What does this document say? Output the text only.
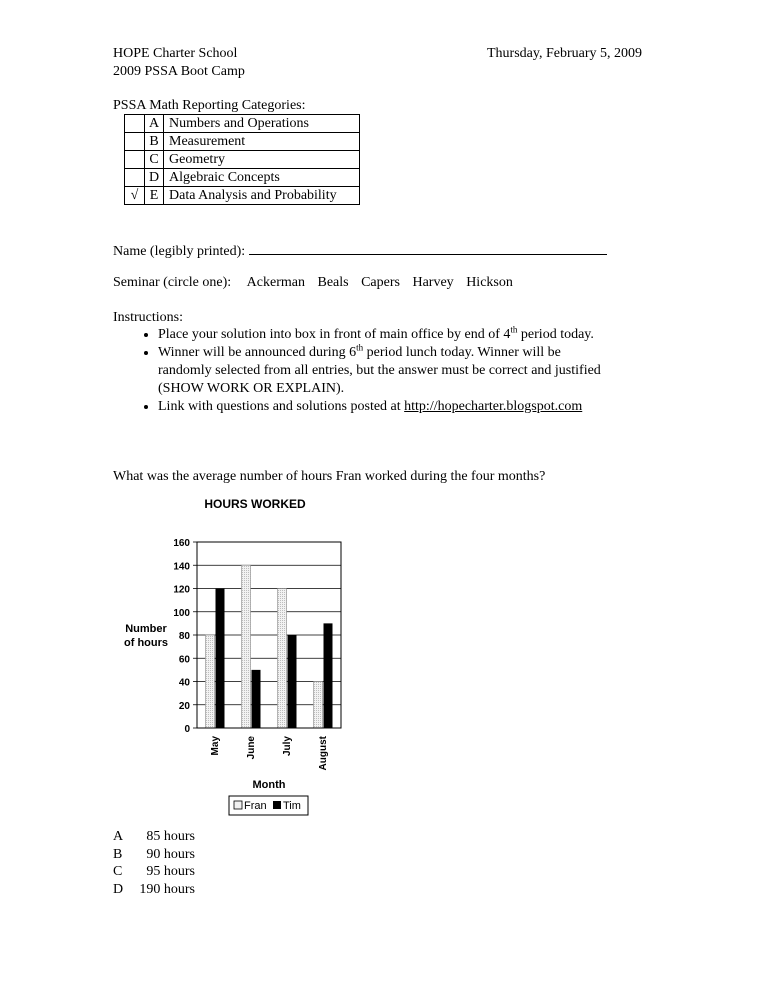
HOPE Charter School
2009 PSSA Boot Camp
Thursday, February 5, 2009
PSSA Math Reporting Categories:
	A	Numbers and Operations
	B	Measurement
	C	Geometry
	D	Algebraic Concepts
√	E	Data Analysis and Probability
Name (legibly printed):
Seminar (circle one): Ackerman Beals Capers Harvey Hickson
Instructions:
• Place your solution into box in front of main office by end of 4th period today.
• Winner will be announced during 6th period lunch today. Winner will be
randomly selected from all entries, but the answer must be correct and justified
(SHOW WORK OR EXPLAIN).
• Link with questions and solutions posted at http://hopecharter.blogspot.com
What was the average number of hours Fran worked during the four months?
HOURS WORKED
Number
of hours
Month
0
20
40
60
80
100
120
140
160
May	June	July	August
Fran Tim
A 85 hours
B 90 hours
C 95 hours
D 190 hours
